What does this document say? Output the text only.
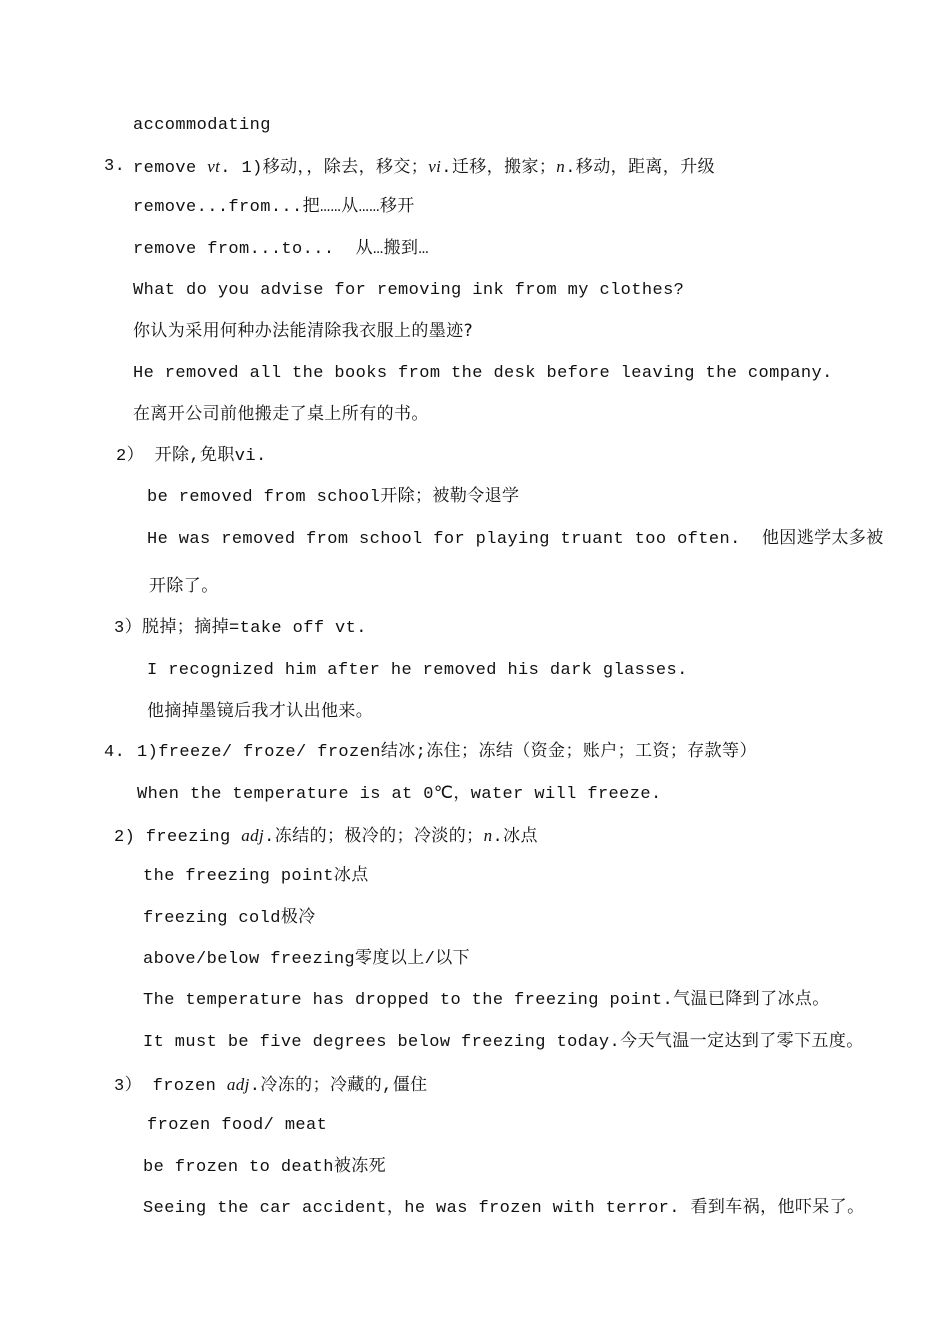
accommodating
3. remove vt. 1)移动，，除去，移交；vi.迁移，搬家；n.移动，距离，升级
remove...from...把……从……移开
remove from...to...  从…搬到…
What do you advise for removing ink from my clothes?
你认为采用何种办法能清除我衣服上的墨迹?
He removed all the books from the desk before leaving the company.
在离开公司前他搬走了桌上所有的书。
2） 开除,免职vi.
be removed from school开除；被勒令退学
He was removed from school for playing truant too often.  他因逃学太多被
开除了。
3）脱掉；摘掉=take off vt.
I recognized him after he removed his dark glasses.
他摘掉墨镜后我才认出他来。
4. 1)freeze/ froze/ frozen结冰;冻住；冻结（资金；账户；工资；存款等）
When the temperature is at 0℃，water will freeze.
2) freezing adj.冻结的；极冷的；冷淡的；n.冰点
the freezing point冰点
freezing cold极冷
above/below freezing零度以上/以下
The temperature has dropped to the freezing point.气温已降到了冰点。
It must be five degrees below freezing today.今天气温一定达到了零下五度。
3） frozen adj.冷冻的；冷藏的,僵住
frozen food/ meat
be frozen to death被冻死
Seeing the car accident，he was frozen with terror. 看到车祸，他吓呆了。
